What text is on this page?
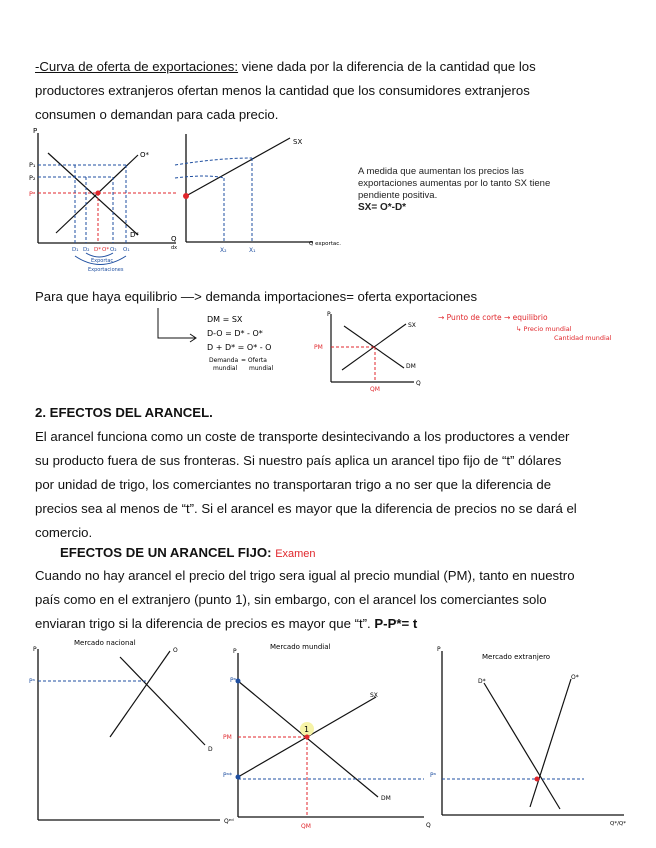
-Curva de oferta de exportaciones: viene dada por la diferencia de la cantidad que los
productores extranjeros ofertan menos la cantidad que los consumidores extranjeros
consumen o demandan para cada precio.
P
P₁
P₂
Pᵃ
O*
D*	Q
dx
D₁ D₂ D* O* O₂ O₁
Exportac
Exportaciones
SX
X₂	X₁
Q exportac.
A medida que aumentan los precios las
exportaciones aumentas por lo tanto SX tiene
pendiente positiva.
SX= O*-D*
Para que haya equilibrio —> demanda importaciones= oferta exportaciones
DM = SX
D-O = D* - O*
D + D* = O* - O
Demanda = Oferta
mundial mundial
P
SX
DM
PM
QM
Q
→ Punto de corte → equilibrio
↳ Precio mundial
Cantidad mundial
2. EFECTOS DEL ARANCEL.
El arancel funciona como un coste de transporte desintecivando a los productores a vender
su producto fuera de sus fronteras. Si nuestro país aplica un arancel tipo fijo de “t” dólares
por unidad de trigo, los comerciantes no transportaran trigo a no ser que la diferencia de
precios sea al menos de “t”. Si el arancel es mayor que la diferencia de precios no se dará el
comercio.
EFECTOS DE UN ARANCEL FIJO: Examen
Cuando no hay arancel el precio del trigo sera igual al precio mundial (PM), tanto en nuestro
país como en el extranjero (punto 1), sin embargo, con el arancel los comerciantes solo
enviaran trigo si la diferencia de precios es mayor que “t”. P-P*= t
Mercado nacional
P	O
D
Pᵃ
Qᵉᵈ
Mercado mundial
1
P
SX
DM
PM
QM
Pᵃ
Pᵃ*
Q
Mercado extranjero
P
D*
O*
Pᵃ
Q*/Q*
